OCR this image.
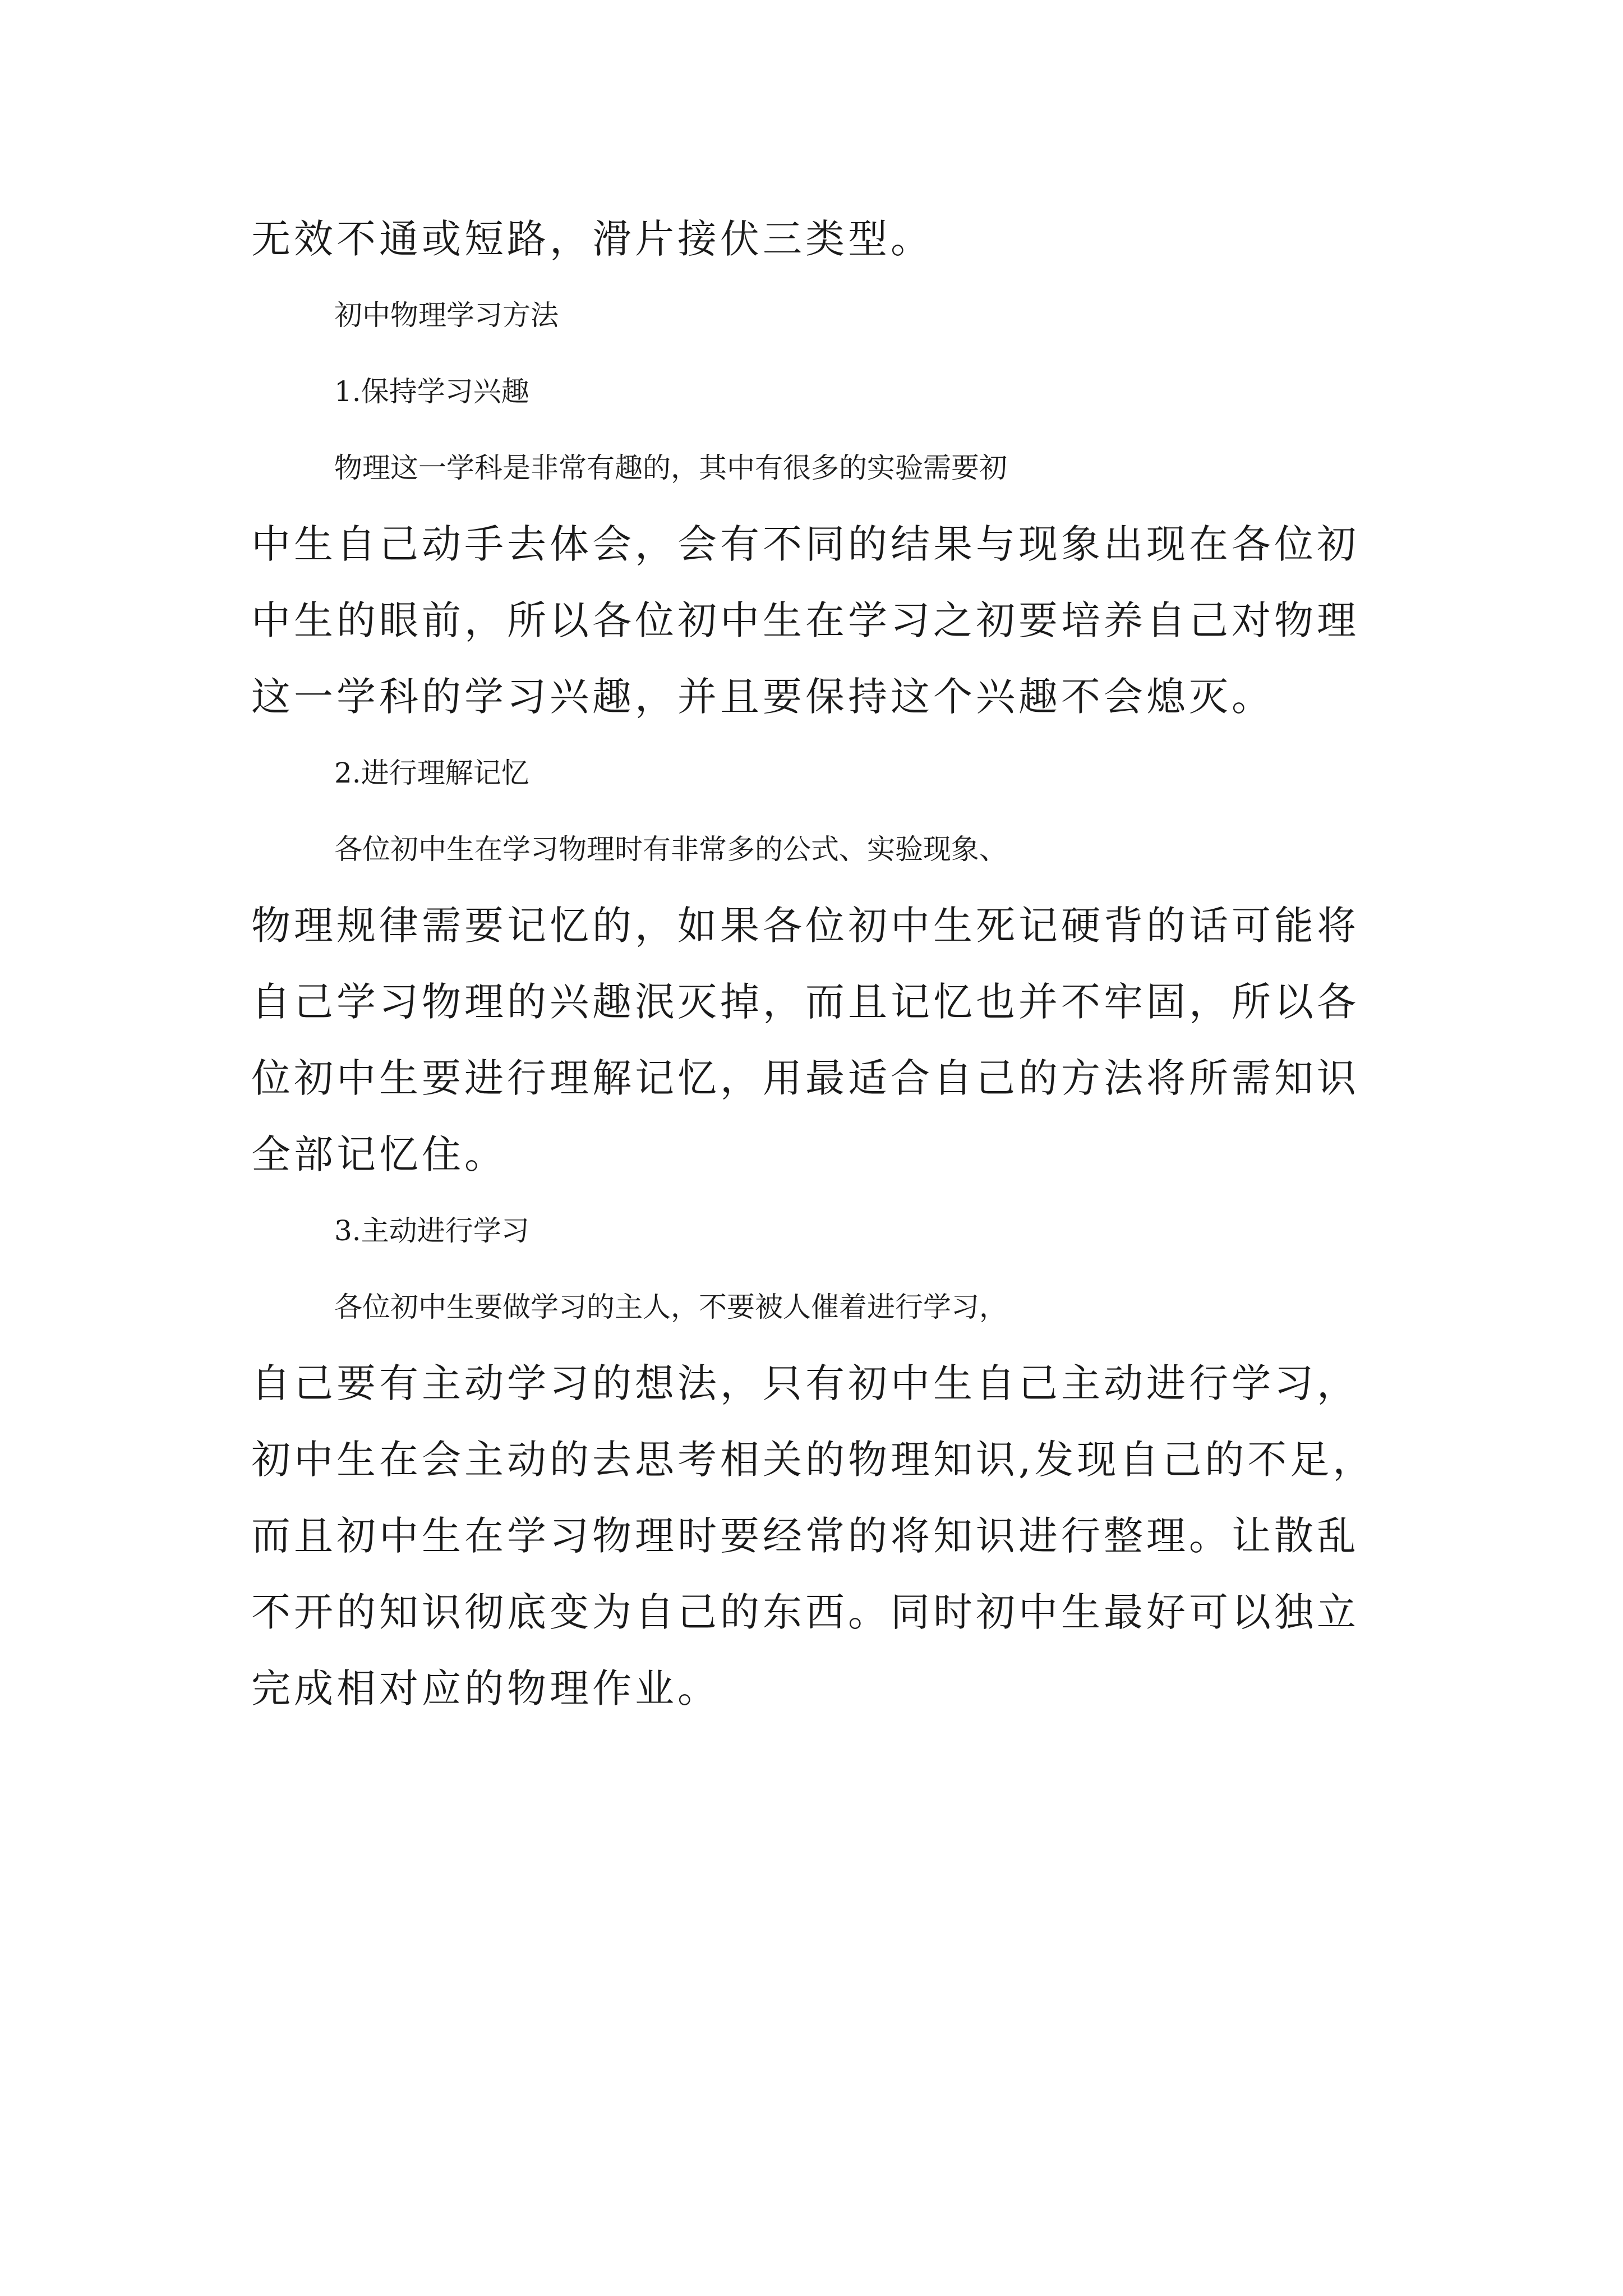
无效不通或短路，滑片接伏三类型。
初中物理学习方法
1.保持学习兴趣
物理这一学科是非常有趣的，其中有很多的实验需要初
中生自己动手去体会，会有不同的结果与现象出现在各位初
中生的眼前，所以各位初中生在学习之初要培养自己对物理
这一学科的学习兴趣，并且要保持这个兴趣不会熄灭。
2.进行理解记忆
各位初中生在学习物理时有非常多的公式、实验现象、
物理规律需要记忆的，如果各位初中生死记硬背的话可能将
自己学习物理的兴趣泯灭掉，而且记忆也并不牢固，所以各
位初中生要进行理解记忆，用最适合自己的方法将所需知识
全部记忆住。
3.主动进行学习
各位初中生要做学习的主人，不要被人催着进行学习，
自己要有主动学习的想法，只有初中生自己主动进行学习，
初中生在会主动的去思考相关的物理知识,发现自己的不足，
而且初中生在学习物理时要经常的将知识进行整理。让散乱
不开的知识彻底变为自己的东西。同时初中生最好可以独立
完成相对应的物理作业。
